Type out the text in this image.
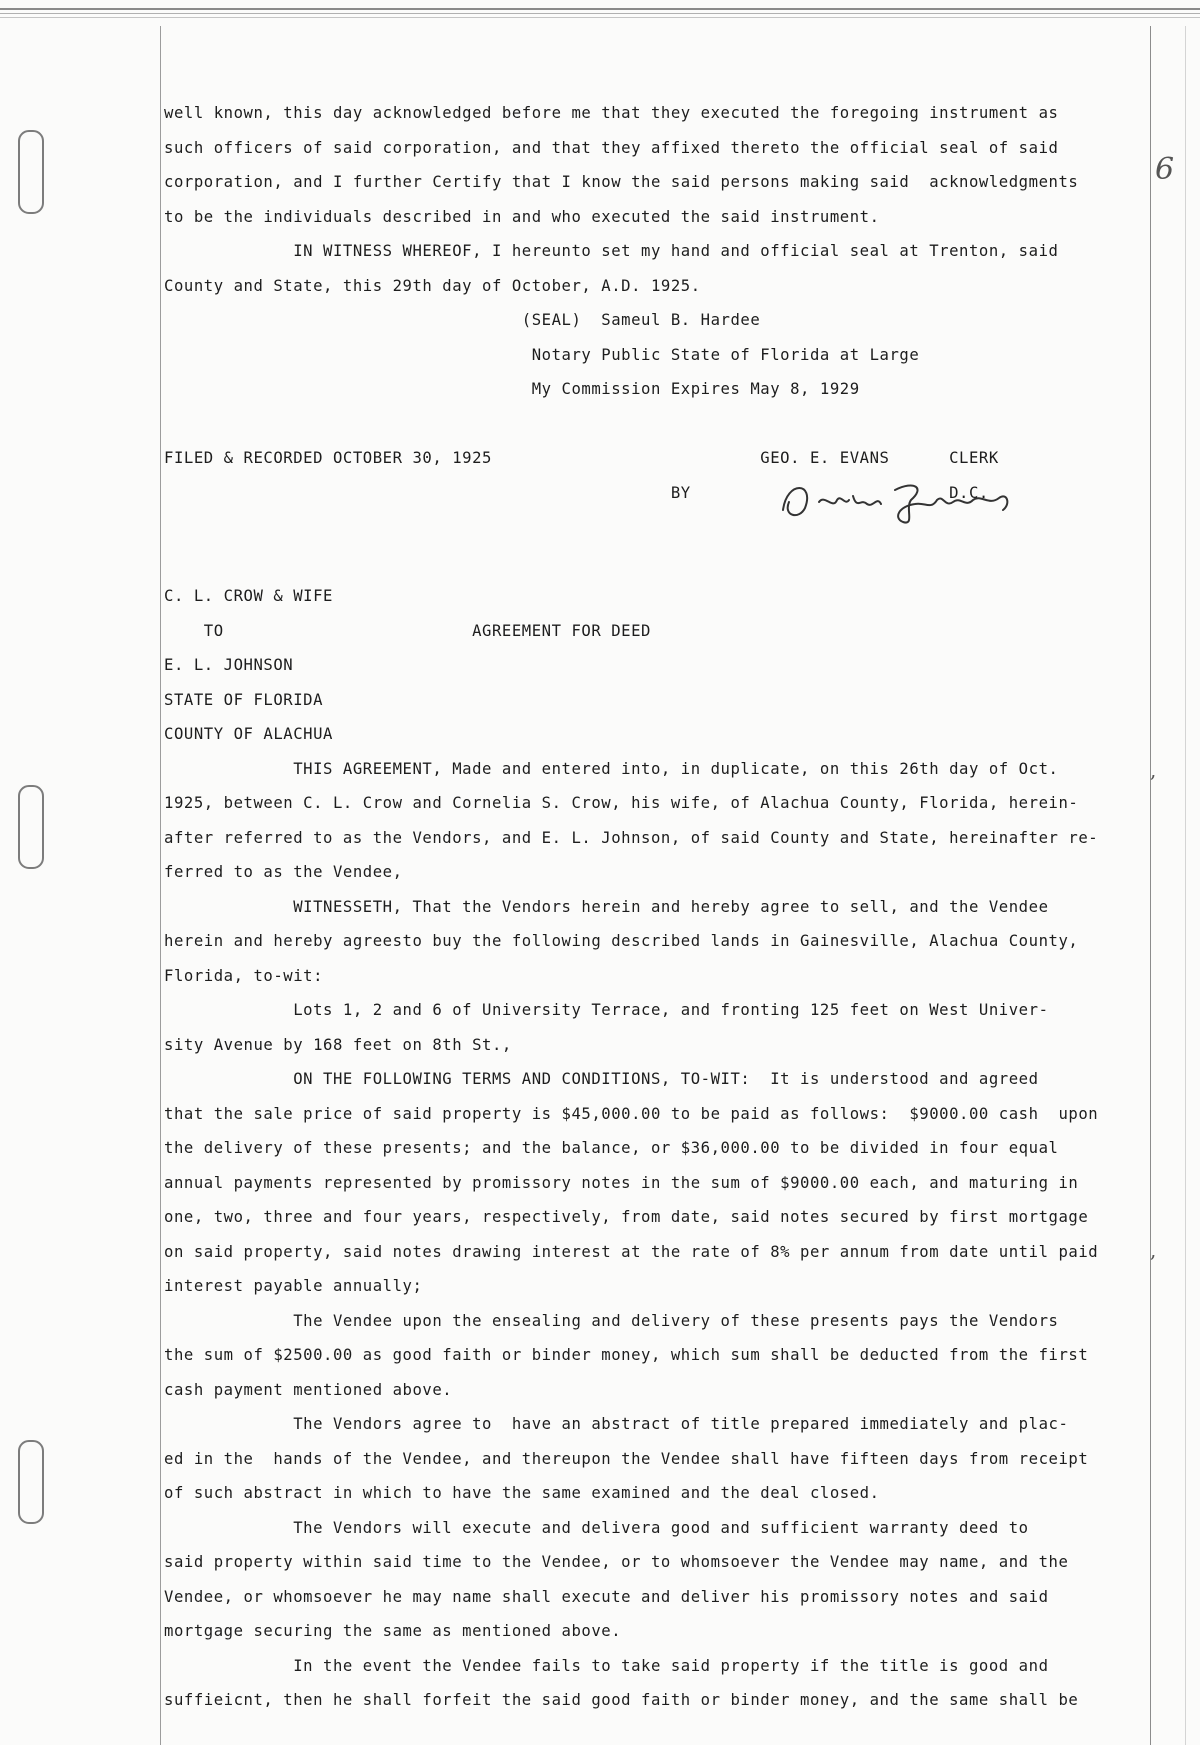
well known, this day acknowledged before me that they executed the foregoing instrument as
such officers of said corporation, and that they affixed thereto the official seal of said
corporation, and I further Certify that I know the said persons making said  acknowledgments
to be the individuals described in and who executed the said instrument.
IN WITNESS WHEREOF, I hereunto set my hand and official seal at Trenton, said
County and State, this 29th day of October, A.D. 1925.
(SEAL)  Sameul B. Hardee
Notary Public State of Florida at Large
My Commission Expires May 8, 1929
FILED & RECORDED OCTOBER 30, 1925                           GEO. E. EVANS      CLERK
BY                          D.C.
C. L. CROW & WIFE
TO                         AGREEMENT FOR DEED
E. L. JOHNSON
STATE OF FLORIDA
COUNTY OF ALACHUA
THIS AGREEMENT, Made and entered into, in duplicate, on this 26th day of Oct.
1925, between C. L. Crow and Cornelia S. Crow, his wife, of Alachua County, Florida, herein-
after referred to as the Vendors, and E. L. Johnson, of said County and State, hereinafter re-
ferred to as the Vendee,
WITNESSETH, That the Vendors herein and hereby agree to sell, and the Vendee
herein and hereby agreesto buy the following described lands in Gainesville, Alachua County,
Florida, to-wit:
Lots 1, 2 and 6 of University Terrace, and fronting 125 feet on West Univer-
sity Avenue by 168 feet on 8th St.,
ON THE FOLLOWING TERMS AND CONDITIONS, TO-WIT:  It is understood and agreed
that the sale price of said property is $45,000.00 to be paid as follows:  $9000.00 cash  upon
the delivery of these presents; and the balance, or $36,000.00 to be divided in four equal
annual payments represented by promissory notes in the sum of $9000.00 each, and maturing in
one, two, three and four years, respectively, from date, said notes secured by first mortgage
on said property, said notes drawing interest at the rate of 8% per annum from date until paid
interest payable annually;
The Vendee upon the ensealing and delivery of these presents pays the Vendors
the sum of $2500.00 as good faith or binder money, which sum shall be deducted from the first
cash payment mentioned above.
The Vendors agree to  have an abstract of title prepared immediately and plac-
ed in the  hands of the Vendee, and thereupon the Vendee shall have fifteen days from receipt
of such abstract in which to have the same examined and the deal closed.
The Vendors will execute and delivera good and sufficient warranty deed to
said property within said time to the Vendee, or to whomsoever the Vendee may name, and the
Vendee, or whomsoever he may name shall execute and deliver his promissory notes and said
mortgage securing the same as mentioned above.
In the event the Vendee fails to take said property if the title is good and
suffieicnt, then he shall forfeit the said good faith or binder money, and the same shall be
6
,
,
